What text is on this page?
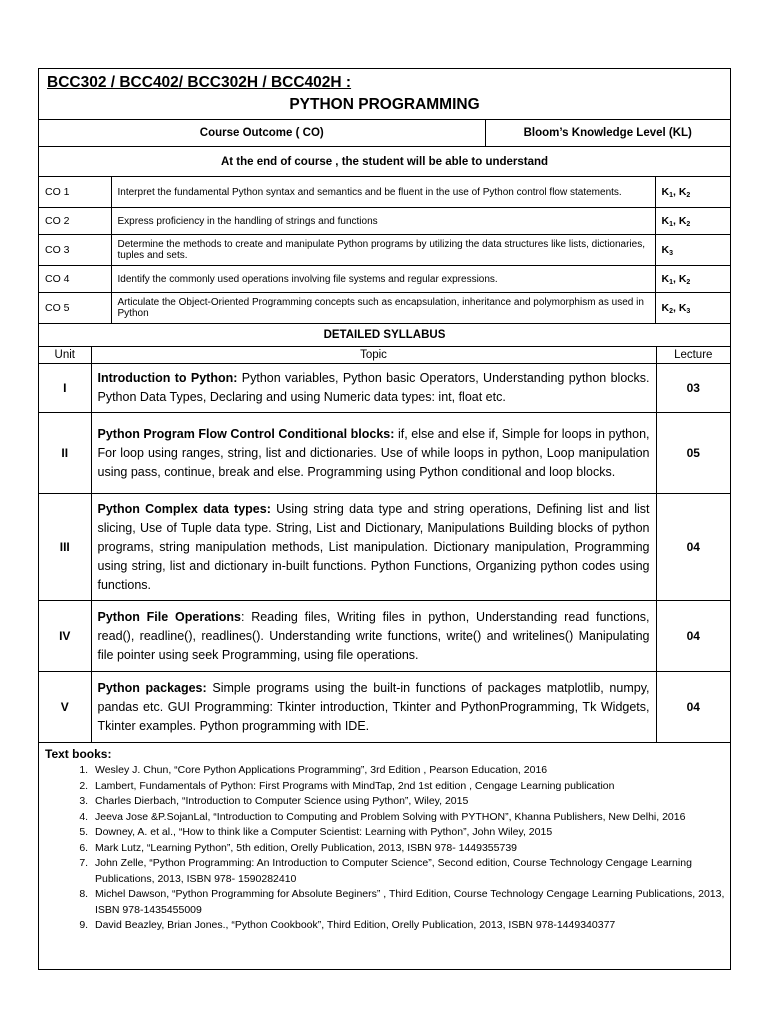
BCC302 / BCC402/ BCC302H / BCC402H :
PYTHON PROGRAMMING
Course Outcome ( CO)		Bloom’s Knowledge Level (KL)	
At the end of course , the student will be able to understand			
CO 1	Interpret the fundamental Python syntax and semantics and be fluent in the use of Python control flow statements.		$K_1$, $K_2$
CO 2	Express proficiency in the handling of strings and functions		$K_1$, $K_2$
CO 3	Determine the methods to create and manipulate Python programs by utilizing the data structures like lists, dictionaries, tuples and sets.		$K_3$
CO 4	Identify the commonly used operations involving file systems and regular expressions.		$K_1$, $K_2$
CO 5	Articulate the Object-Oriented Programming concepts such as encapsulation, inheritance and polymorphism as used in Python		$K_2$, $K_3$
DETAILED SYLLABUS		
Unit	Topic	Lecture
I	Introduction to Python: Python variables, Python basic Operators, Understanding python blocks. Python Data Types, Declaring and using Numeric data types: int, float etc.	03
II	Python Program Flow Control Conditional blocks: if, else and else if, Simple for loops in python, For loop using ranges, string, list and dictionaries. Use of while loops in python, Loop manipulation using pass, continue, break and else. Programming using Python conditional and loop blocks.	05
III	Python Complex data types: Using string data type and string operations, Defining list and list slicing, Use of Tuple data type. String, List and Dictionary, Manipulations Building blocks of python programs, string manipulation methods, List manipulation. Dictionary manipulation, Programming using string, list and dictionary in-built functions. Python Functions, Organizing python codes using functions.	04
IV	Python File Operations: Reading files, Writing files in python, Understanding read functions, read(), readline(), readlines(). Understanding write functions, write() and writelines() Manipulating file pointer using seek Programming, using file operations.	04
V	Python packages: Simple programs using the built-in functions of packages matplotlib, numpy, pandas etc. GUI Programming: Tkinter introduction, Tkinter and PythonProgramming, Tk Widgets, Tkinter examples. Python programming with IDE.	04
Text books:
1. Wesley J. Chun, “Core Python Applications Programming”, 3rd Edition , Pearson Education, 2016
2. Lambert, Fundamentals of Python: First Programs with MindTap, 2nd 1st edition , Cengage Learning publication
3. Charles Dierbach, “Introduction to Computer Science using Python”, Wiley, 2015
4. Jeeva Jose &P.SojanLal, “Introduction to Computing and Problem Solving with PYTHON”, Khanna Publishers, New Delhi, 2016
5. Downey, A. et al., “How to think like a Computer Scientist: Learning with Python”, John Wiley, 2015
6. Mark Lutz, “Learning Python”, 5th edition, Orelly Publication, 2013, ISBN 978- 1449355739
7. John Zelle, “Python Programming: An Introduction to Computer Science”, Second edition, Course Technology Cengage Learning Publications, 2013, ISBN 978- 1590282410
8. Michel Dawson, “Python Programming for Absolute Beginers” , Third Edition, Course Technology Cengage Learning Publications, 2013, ISBN 978-1435455009
9. David Beazley, Brian Jones., “Python Cookbook”, Third Edition, Orelly Publication, 2013, ISBN 978-1449340377
